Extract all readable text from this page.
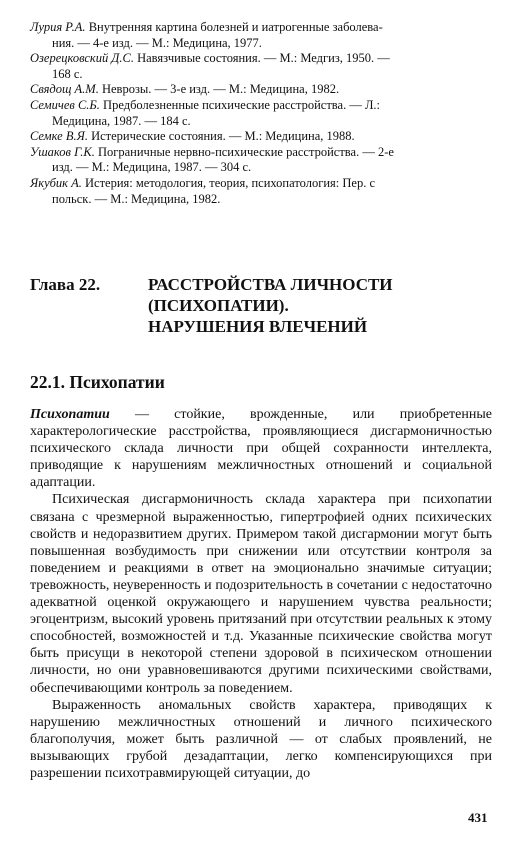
Лурия Р.А. Внутренняя картина болезней и иатрогенные заболева-
ния. — 4-е изд. — М.: Медицина, 1977.

Озерецковский Д.С. Навязчивые состояния. — М.: Медгиз, 1950. —
168 с.

Свядощ А.М. Неврозы. — 3-е изд. — М.: Медицина, 1982.

Семичев С.Б. Предболезненные психические расстройства. — Л.:
Медицина, 1987. — 184 с.

Семке В.Я. Истерические состояния. — М.: Медицина, 1988.

Ушаков Г.К. Пограничные нервно-психические расстройства. — 2-е
изд. — М.: Медицина, 1987. — 304 с.

Якубик А. Истерия: методология, теория, психопатология: Пер. с
польск. — М.: Медицина, 1982.

Глава 22.	РАССТРОЙСТВА ЛИЧНОСТИ
(ПСИХОПАТИИ).
НАРУШЕНИЯ ВЛЕЧЕНИЙ
22.1. Психопатии

Психопатии — стойкие, врожденные, или приобретенные характерологические расстройства, проявляющиеся дисгармоничностью психического склада личности при общей сохранности интеллекта, приводящие к нарушениям межличностных отношений и социальной адаптации.

Психическая дисгармоничность склада характера при психопатии связана с чрезмерной выраженностью, гипертрофией одних психических свойств и недоразвитием других. Примером такой дисгармонии могут быть повышенная возбудимость при снижении или отсутствии контроля за поведением и реакциями в ответ на эмоционально значимые ситуации; тревожность, неуверенность и подозрительность в сочетании с недостаточно адекватной оценкой окружающего и нарушением чувства реальности; эгоцентризм, высокий уровень притязаний при отсутствии реальных к этому способностей, возможностей и т.д. Указанные психические свойства могут быть присущи в некоторой степени здоровой в психическом отношении личности, но они уравновешиваются другими психическими свойствами, обеспечивающими контроль за поведением.

Выраженность аномальных свойств характера, приводящих к нарушению межличностных отношений и личного психического благополучия, может быть различной — от слабых проявлений, не вызывающих грубой дезадаптации, легко компенсирующихся при разрешении психотравмирующей ситуации, до

431
